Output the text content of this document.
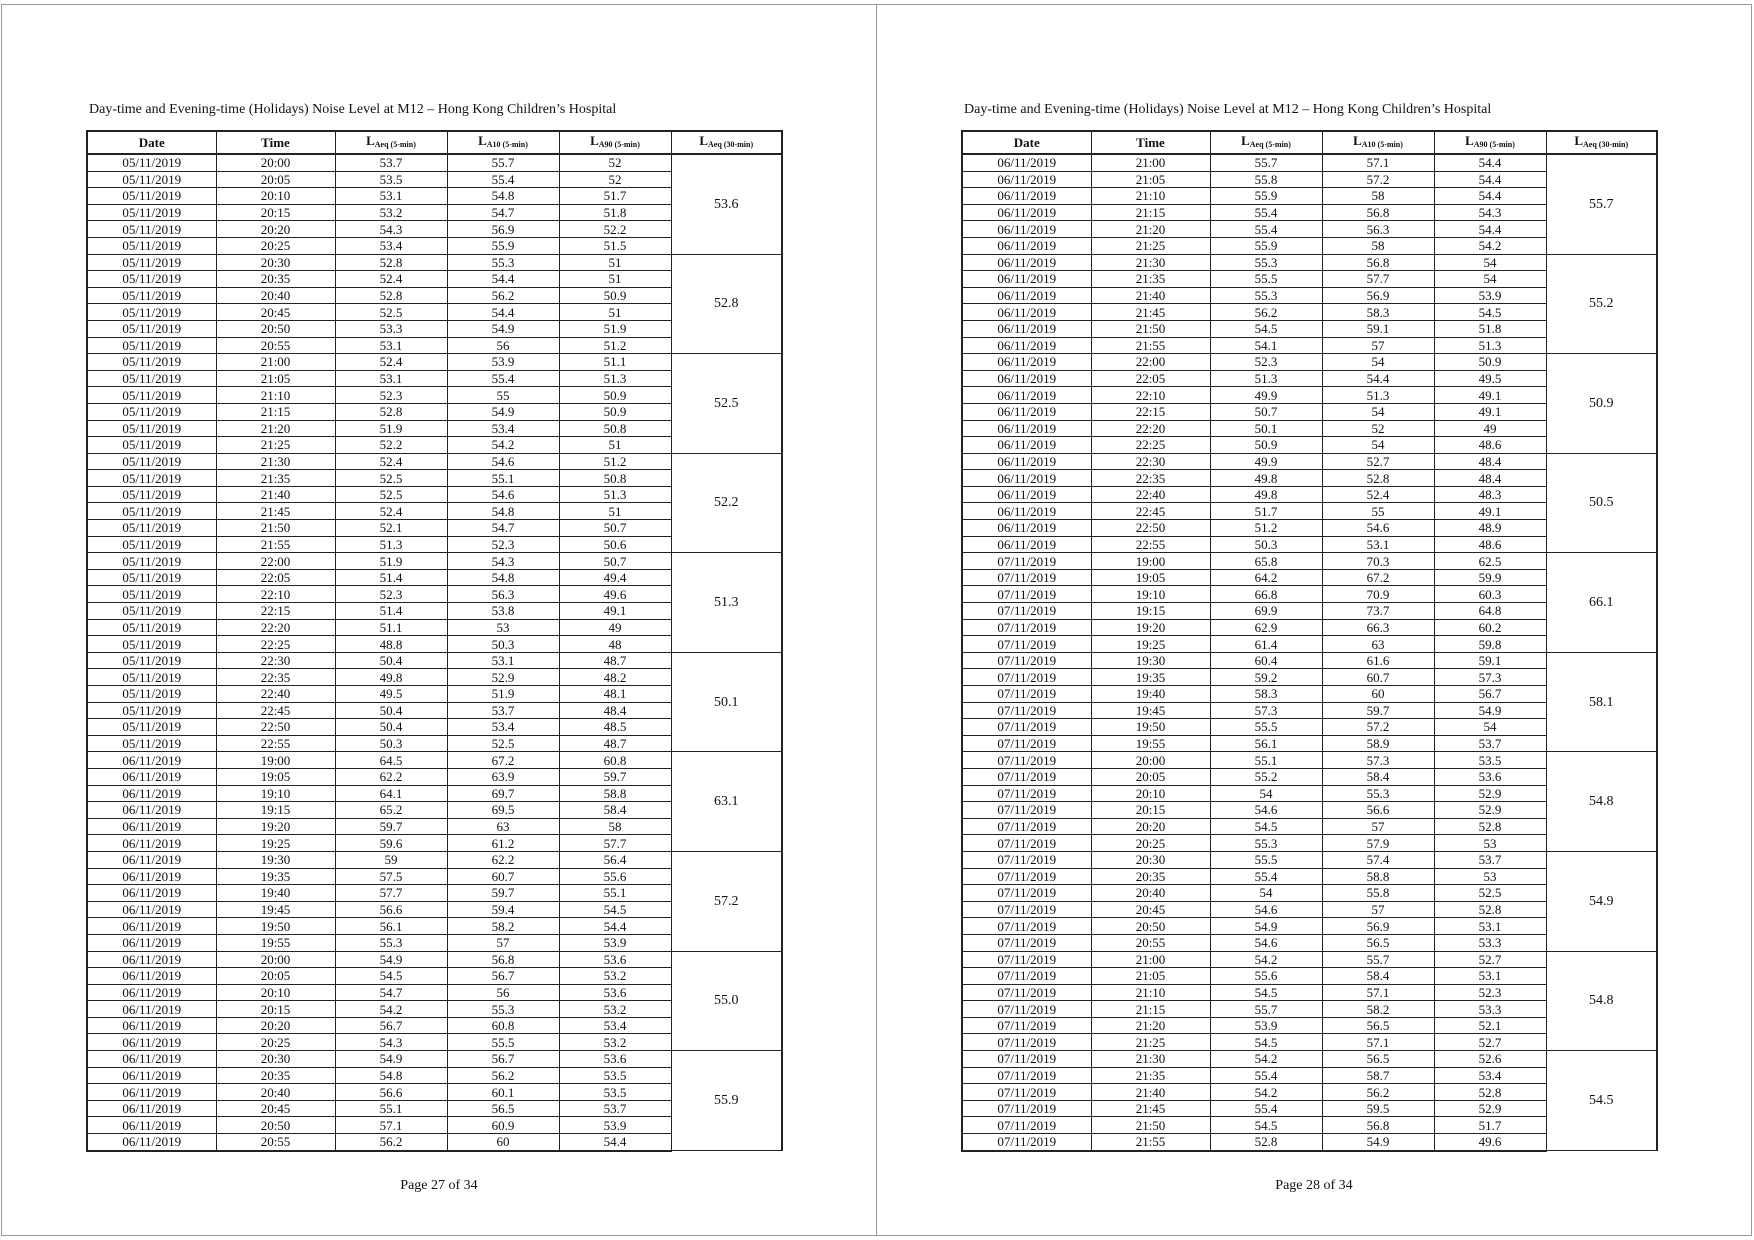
Day-time and Evening-time (Holidays) Noise Level at M12 – Hong Kong Children’s Hospital
Date	Time	$L_{Aeq (5-min)}$	$L_{A10 (5-min)}$	$L_{A90 (5-min)}$	$L_{Aeq (30-min)}$
05/11/2019	20:00	53.7	55.7	52	53.6
05/11/2019	20:05	53.5	55.4	52	
05/11/2019	20:10	53.1	54.8	51.7	
05/11/2019	20:15	53.2	54.7	51.8	
05/11/2019	20:20	54.3	56.9	52.2	
05/11/2019	20:25	53.4	55.9	51.5	
05/11/2019	20:30	52.8	55.3	51	52.8
05/11/2019	20:35	52.4	54.4	51	
05/11/2019	20:40	52.8	56.2	50.9	
05/11/2019	20:45	52.5	54.4	51	
05/11/2019	20:50	53.3	54.9	51.9	
05/11/2019	20:55	53.1	56	51.2	
05/11/2019	21:00	52.4	53.9	51.1	52.5
05/11/2019	21:05	53.1	55.4	51.3	
05/11/2019	21:10	52.3	55	50.9	
05/11/2019	21:15	52.8	54.9	50.9	
05/11/2019	21:20	51.9	53.4	50.8	
05/11/2019	21:25	52.2	54.2	51	
05/11/2019	21:30	52.4	54.6	51.2	52.2
05/11/2019	21:35	52.5	55.1	50.8	
05/11/2019	21:40	52.5	54.6	51.3	
05/11/2019	21:45	52.4	54.8	51	
05/11/2019	21:50	52.1	54.7	50.7	
05/11/2019	21:55	51.3	52.3	50.6	
05/11/2019	22:00	51.9	54.3	50.7	51.3
05/11/2019	22:05	51.4	54.8	49.4	
05/11/2019	22:10	52.3	56.3	49.6	
05/11/2019	22:15	51.4	53.8	49.1	
05/11/2019	22:20	51.1	53	49	
05/11/2019	22:25	48.8	50.3	48	
05/11/2019	22:30	50.4	53.1	48.7	50.1
05/11/2019	22:35	49.8	52.9	48.2	
05/11/2019	22:40	49.5	51.9	48.1	
05/11/2019	22:45	50.4	53.7	48.4	
05/11/2019	22:50	50.4	53.4	48.5	
05/11/2019	22:55	50.3	52.5	48.7	
06/11/2019	19:00	64.5	67.2	60.8	63.1
06/11/2019	19:05	62.2	63.9	59.7	
06/11/2019	19:10	64.1	69.7	58.8	
06/11/2019	19:15	65.2	69.5	58.4	
06/11/2019	19:20	59.7	63	58	
06/11/2019	19:25	59.6	61.2	57.7	
06/11/2019	19:30	59	62.2	56.4	57.2
06/11/2019	19:35	57.5	60.7	55.6	
06/11/2019	19:40	57.7	59.7	55.1	
06/11/2019	19:45	56.6	59.4	54.5	
06/11/2019	19:50	56.1	58.2	54.4	
06/11/2019	19:55	55.3	57	53.9	
06/11/2019	20:00	54.9	56.8	53.6	55.0
06/11/2019	20:05	54.5	56.7	53.2	
06/11/2019	20:10	54.7	56	53.6	
06/11/2019	20:15	54.2	55.3	53.2	
06/11/2019	20:20	56.7	60.8	53.4	
06/11/2019	20:25	54.3	55.5	53.2	
06/11/2019	20:30	54.9	56.7	53.6	55.9
06/11/2019	20:35	54.8	56.2	53.5	
06/11/2019	20:40	56.6	60.1	53.5	
06/11/2019	20:45	55.1	56.5	53.7	
06/11/2019	20:50	57.1	60.9	53.9	
06/11/2019	20:55	56.2	60	54.4	
Page 27 of 34
Day-time and Evening-time (Holidays) Noise Level at M12 – Hong Kong Children’s Hospital
Date	Time	$L_{Aeq (5-min)}$	$L_{A10 (5-min)}$	$L_{A90 (5-min)}$	$L_{Aeq (30-min)}$
06/11/2019	21:00	55.7	57.1	54.4	55.7
06/11/2019	21:05	55.8	57.2	54.4	
06/11/2019	21:10	55.9	58	54.4	
06/11/2019	21:15	55.4	56.8	54.3	
06/11/2019	21:20	55.4	56.3	54.4	
06/11/2019	21:25	55.9	58	54.2	
06/11/2019	21:30	55.3	56.8	54	55.2
06/11/2019	21:35	55.5	57.7	54	
06/11/2019	21:40	55.3	56.9	53.9	
06/11/2019	21:45	56.2	58.3	54.5	
06/11/2019	21:50	54.5	59.1	51.8	
06/11/2019	21:55	54.1	57	51.3	
06/11/2019	22:00	52.3	54	50.9	50.9
06/11/2019	22:05	51.3	54.4	49.5	
06/11/2019	22:10	49.9	51.3	49.1	
06/11/2019	22:15	50.7	54	49.1	
06/11/2019	22:20	50.1	52	49	
06/11/2019	22:25	50.9	54	48.6	
06/11/2019	22:30	49.9	52.7	48.4	50.5
06/11/2019	22:35	49.8	52.8	48.4	
06/11/2019	22:40	49.8	52.4	48.3	
06/11/2019	22:45	51.7	55	49.1	
06/11/2019	22:50	51.2	54.6	48.9	
06/11/2019	22:55	50.3	53.1	48.6	
07/11/2019	19:00	65.8	70.3	62.5	66.1
07/11/2019	19:05	64.2	67.2	59.9	
07/11/2019	19:10	66.8	70.9	60.3	
07/11/2019	19:15	69.9	73.7	64.8	
07/11/2019	19:20	62.9	66.3	60.2	
07/11/2019	19:25	61.4	63	59.8	
07/11/2019	19:30	60.4	61.6	59.1	58.1
07/11/2019	19:35	59.2	60.7	57.3	
07/11/2019	19:40	58.3	60	56.7	
07/11/2019	19:45	57.3	59.7	54.9	
07/11/2019	19:50	55.5	57.2	54	
07/11/2019	19:55	56.1	58.9	53.7	
07/11/2019	20:00	55.1	57.3	53.5	54.8
07/11/2019	20:05	55.2	58.4	53.6	
07/11/2019	20:10	54	55.3	52.9	
07/11/2019	20:15	54.6	56.6	52.9	
07/11/2019	20:20	54.5	57	52.8	
07/11/2019	20:25	55.3	57.9	53	
07/11/2019	20:30	55.5	57.4	53.7	54.9
07/11/2019	20:35	55.4	58.8	53	
07/11/2019	20:40	54	55.8	52.5	
07/11/2019	20:45	54.6	57	52.8	
07/11/2019	20:50	54.9	56.9	53.1	
07/11/2019	20:55	54.6	56.5	53.3	
07/11/2019	21:00	54.2	55.7	52.7	54.8
07/11/2019	21:05	55.6	58.4	53.1	
07/11/2019	21:10	54.5	57.1	52.3	
07/11/2019	21:15	55.7	58.2	53.3	
07/11/2019	21:20	53.9	56.5	52.1	
07/11/2019	21:25	54.5	57.1	52.7	
07/11/2019	21:30	54.2	56.5	52.6	54.5
07/11/2019	21:35	55.4	58.7	53.4	
07/11/2019	21:40	54.2	56.2	52.8	
07/11/2019	21:45	55.4	59.5	52.9	
07/11/2019	21:50	54.5	56.8	51.7	
07/11/2019	21:55	52.8	54.9	49.6	
Page 28 of 34
